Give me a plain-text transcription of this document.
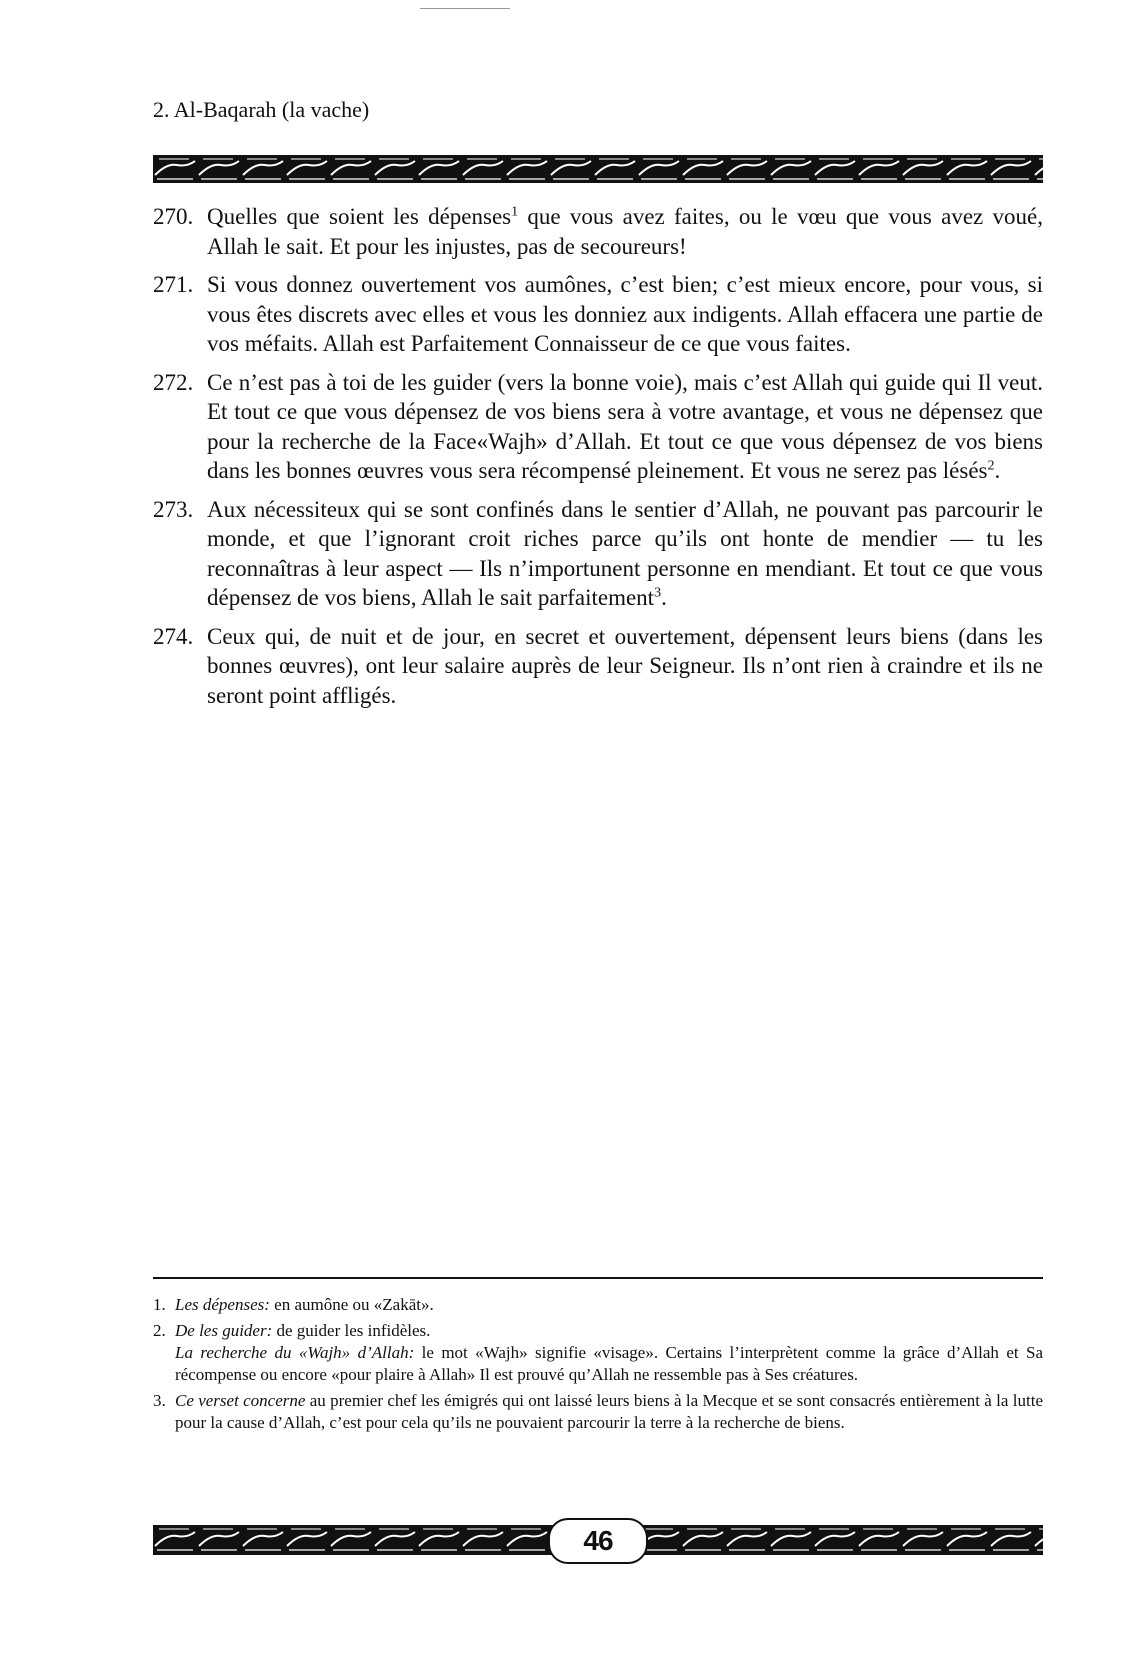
2. Al-Baqarah (la vache)
270. Quelles que soient les dépenses$^1$ que vous avez faites, ou le vœu que vous avez voué, Allah le sait. Et pour les injustes, pas de secoureurs!
271. Si vous donnez ouvertement vos aumônes, c’est bien; c’est mieux encore, pour vous, si vous êtes discrets avec elles et vous les donniez aux indigents. Allah effacera une partie de vos méfaits. Allah est Parfaitement Connaisseur de ce que vous faites.
272. Ce n’est pas à toi de les guider (vers la bonne voie), mais c’est Allah qui guide qui Il veut. Et tout ce que vous dépensez de vos biens sera à votre avantage, et vous ne dépensez que pour la recherche de la Face«Wajh» d’Allah. Et tout ce que vous dépensez de vos biens dans les bonnes œuvres vous sera récompensé pleinement. Et vous ne serez pas lésés$^2$.
273. Aux nécessiteux qui se sont confinés dans le sentier d’Allah, ne pouvant pas parcourir le monde, et que l’ignorant croit riches parce qu’ils ont honte de mendier — tu les reconnaîtras à leur aspect — Ils n’importunent personne en mendiant. Et tout ce que vous dépensez de vos biens, Allah le sait parfaitement$^3$.
274. Ceux qui, de nuit et de jour, en secret et ouvertement, dépensent leurs biens (dans les bonnes œuvres), ont leur salaire auprès de leur Seigneur. Ils n’ont rien à craindre et ils ne seront point affligés.
1. Les dépenses: en aumône ou «Zakāt».
2. De les guider: de guider les infidèles.
La recherche du «Wajh» d’Allah: le mot «Wajh» signifie «visage». Certains l’interprètent comme la grâce d’Allah et Sa récompense ou encore «pour plaire à Allah» Il est prouvé qu’Allah ne ressemble pas à Ses créatures.
3. Ce verset concerne au premier chef les émigrés qui ont laissé leurs biens à la Mecque et se sont consacrés entièrement à la lutte pour la cause d’Allah, c’est pour cela qu’ils ne pouvaient parcourir la terre à la recherche de biens.
46
